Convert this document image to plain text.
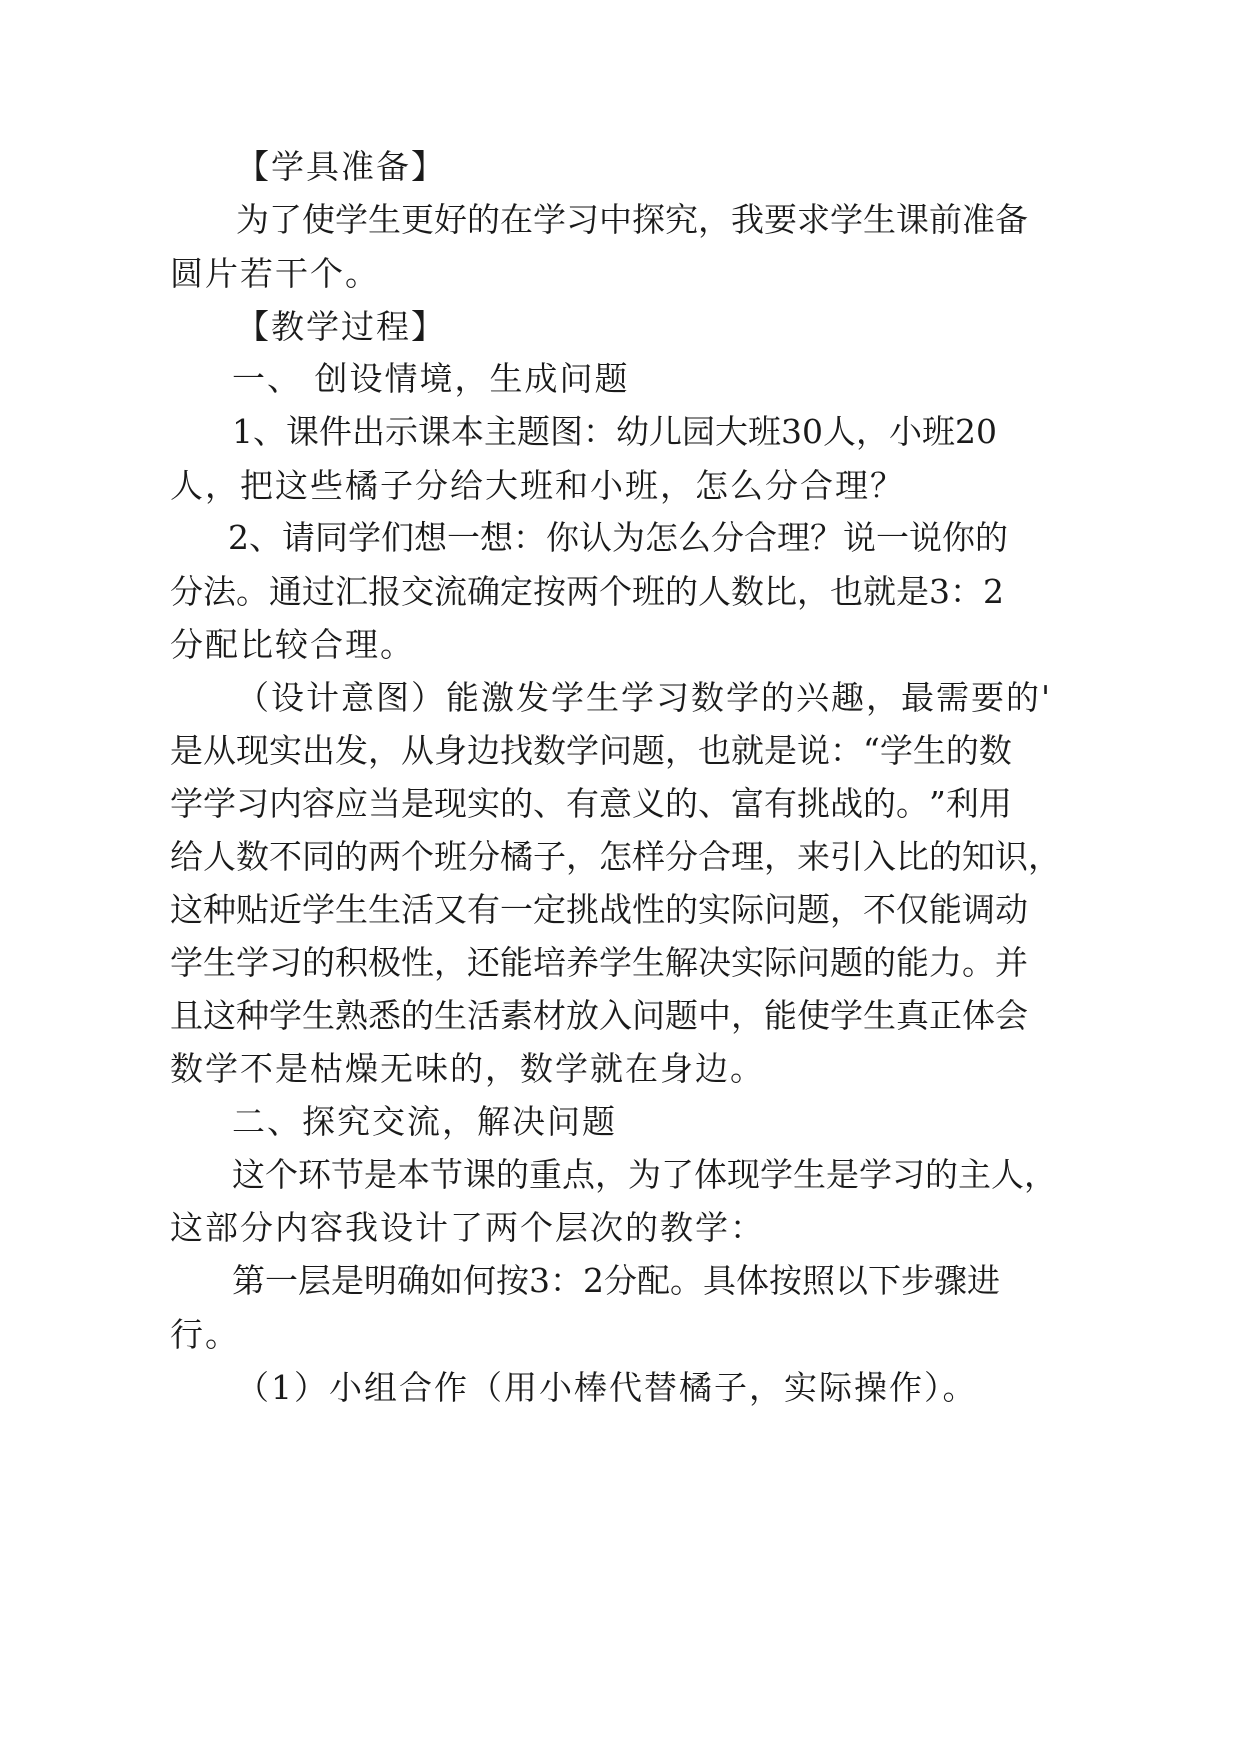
【学具准备】

为 了 使 学 生 更 好 的 在 学 习 中 探 究 ， 我 要 求 学 生 课 前 准 备

圆片若干个。

【教学过程】

一、 创设情境，生成问题

1 、 课 件 出 示 课 本 主 题 图 ： 幼 儿 园 大 班 30 人 ， 小 班 20

人，把这些橘子分给大班和小班，怎么分合理？

2 、 请 同 学 们 想 一 想 ： 你 认 为 怎 么 分 合 理 ？ 说 一 说 你 的

分 法 。 通 过 汇 报 交 流 确 定 按 两 个 班 的 人 数 比 ， 也 就 是 3 ： 2

分配比较合理。

（设计意图）能激发学生学习数学的兴趣，最需要的'

是 从 现 实 出 发 ， 从 身 边 找 数 学 问 题 ， 也 就 是 说 ： “ 学 生 的 数

学 学 习 内 容 应 当 是 现 实 的 、 有 意 义 的 、 富 有 挑 战 的 。 ” 利 用

给 人 数 不 同 的 两 个 班 分 橘 子 ， 怎 样 分 合 理 ， 来 引 入 比 的 知 识 ，

这 种 贴 近 学 生 生 活 又 有 一 定 挑 战 性 的 实 际 问 题 ， 不 仅 能 调 动

学 生 学 习 的 积 极 性 ， 还 能 培 养 学 生 解 决 实 际 问 题 的 能 力 。 并

且 这 种 学 生 熟 悉 的 生 活 素 材 放 入 问 题 中 ， 能 使 学 生 真 正 体 会

数学不是枯燥无味的，数学就在身边。

二、探究交流，解决问题

这 个 环 节 是 本 节 课 的 重 点 ， 为 了 体 现 学 生 是 学 习 的 主 人 ，

这部分内容我设计了两个层次的教学：

第 一 层 是 明 确 如 何 按 3 ： 2 分 配 。 具 体 按 照 以 下 步 骤 进

行。

（1）小组合作（用小棒代替橘子，实际操作）。
